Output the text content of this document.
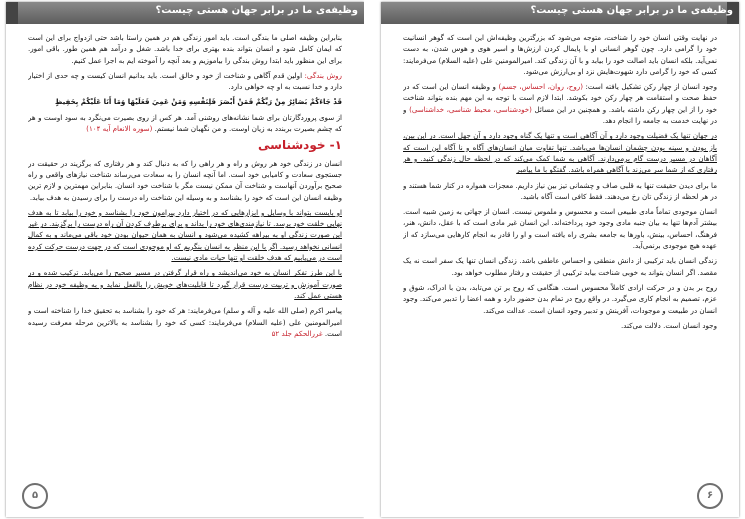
وظیفه‌ی ما در برابر جهان هستی چیست؟

بنابراین وظیفه اصلی ما بندگی است. باید امور زندگی هم در همین راستا باشد حتی ازدواج برای این است که ایمان کامل شود و انسان بتواند بنده بهتری برای خدا باشد. شغل و درآمد هم همین طور. باقی امور. برای این منظور باید ابتدا روش بندگی را بیاموزیم و بعد آنچه را آموخته ایم به اجرا عمل کنیم.

روش بندگی: اولین قدم آگاهی و شناخت از خود و خالق است. باید بدانیم انسان کیست و چه حدی از اختیار دارد و خدا نسبت به او چه خواهی دارد.

قَدْ جَاءَكُمْ بَصَائِرُ مِنْ رَبِّكُمْ فَمَنْ أَبْصَرَ فَلِنَفْسِهِ وَمَنْ عَمِيَ فَعَلَيْهَا وَمَا أَنَا عَلَيْكُمْ بِحَفِيظٍ

از سوی پروردگارتان برای شما نشانه‌های روشنی آمد. هر کس از روی بصیرت می‌نگرد به سود اوست و هر که چشم بصیرت بربندد به زیان اوست. و من نگهبان شما نیستم. (سوره الانعام آیه ۱۰۴)

۱- خودشناسی

انسان در زندگی خود هر روش و راه و هر راهی را که به دنبال کند و هر رفتاری که برگزیند در حقیقت در جستجوی سعادت و کامیابی خود است. اما آنچه انسان را به سعادت می‌رساند شناخت نیازهای واقعی و راه صحیح برآوردن آنهاست و شناخت آن ممکن نیست مگر با شناخت خود انسان. بنابراین مهمترین و لازم ترین وظیفه انسان این است که خود را بشناسد و به وسیله این شناخت راه درست را برای رسیدن به هدف بیابد.

او بایست بتواند با وسایل و ابزارهایی که در اختیار دارد پیرامون خود را بشناسد و خود را بیابد تا به هدف نهایی خلقت خود برسد. تا نیازمندی‌های خود را بداند و برای برطرف کردن آن راه درست را برگزیند. در غیر این صورت زندگی او به بیراهه کشیده می‌شود و انسان به همان حیوان بودن خود باقی می‌ماند و به کمال انسانی نخواهد رسید. اگر با این منظر به انسان بنگریم که او موجودی است که در جهت درست حرکت کرده است در می‌یابیم که هدف خلقت او تنها حیات مادی نیست.

با این طرز تفکر انسان به خود می‌اندیشد و راه قرار گرفتن در مسیر صحیح را می‌یابد. ترکیب شده و در صورت آموزش و تربیت درست قرار گیرد تا قابلیت‌های خویش را بالفعل نماید و به وظیفه خود در نظام هستی عمل کند.

پیامبر اکرم (صلی الله علیه و آله و سلم) می‌فرمایند: هر که خود را بشناسد به تحقیق خدا را شناخته است و امیرالمومنین علی (علیه السلام) می‌فرمایند: کسی که خود را بشناسد به بالاترین مرحله معرفت رسیده است. غررالحکم جلد ۵۲

۵
وظیفه‌ی ما در برابر جهان هستی چیست؟

در نهایت وقتی انسان خود را شناخت، متوجه می‌شود که بزرگترین وظیفه‌اش این است که گوهر انسانیت خود را گرامی دارد. چون گوهر انسانی او با پایمال کردن ارزش‌ها و اسیر هوی و هوس شدن، به دست نمی‌آید. بلکه انسان باید اصالت خود را بیابد و با آن زندگی کند. امیرالمومنین علی (علیه السلام) می‌فرمایند: کسی که خود را گرامی دارد شهوت‌هایش نزد او بی‌ارزش می‌شود.

وجود انسان از چهار رکن تشکیل یافته است: (روح، روان، احساس، جسم) و وظیفه انسان این است که در حفظ صحت و استقامت هر چهار رکن خود بکوشد. ابتدا لازم است با توجه به این مهم بنده بتواند شناخت خود را از این چهار رکن داشته باشد. و همچنین در این مسائل (خودشناسی، محیط شناسی، خداشناسی) و در نهایت خدمت به جامعه را انجام دهد.

در جهان تنها یک فضیلت وجود دارد و آن آگاهی است و تنها یک گناه وجود دارد و آن جهل است. در این بین، باز بودن و سینه بودن چشمان انسان‌ها می‌باشد. تنها تفاوت میان انسان‌های آگاه و نا آگاه این است که آگاهان در مسیر درست گام برمی‌دارند. آگاهی به شما کمک می‌کند که در لحظه حال زندگی کنید. و هر رفتاری که از شما سر می‌زند با آگاهی همراه باشد. گفتگو با ما پیامبر

ما برای دیدن حقیقت تنها به قلبی صاف و چشمانی تیز بین نیاز داریم. معجزات همواره در کنار شما هستند و در هر لحظه از زندگی تان رخ می‌دهند. فقط کافی است آگاه باشید.

انسان موجودی تماماً مادی طبیعی است و محسوس و ملموس نیست. انسان از جهاتی به زمین شبیه است. بیشتر آدم‌ها تنها به بیان جنبه مادی وجود خود پرداخته‌اند. این انسان غیر مادی است که با عقل، دانش، هنر، فرهنگ، احساس، بینش، باورها به جامعه بشری راه یافته است و او را قادر به انجام کارهایی می‌سازد که از عهده هیچ موجودی برنمی‌آید.

زندگی انسان باید ترکیبی از دانش منطقی و احساس عاطفی باشد. زندگی انسان تنها یک سفر است نه یک مقصد. اگر انسان بتواند به خوبی شناخت بیابد ترکیبی از حقیقت و رفتار مطلوب خواهد بود.

روح بر بدن و در حرکت ارادی کاملاً محسوس است. هنگامی که روح بر تن می‌تابد، بدن با ادراک، شوق و عزم، تصمیم به انجام کاری می‌گیرد. در واقع روح در تمام بدن حضور دارد و همه اعضا را تدبیر می‌کند. وجود انسان در طبیعت و موجودات، آفرینش و تدبیر وجود انسان است. عدالت می‌کند.

وجود انسان است. دلالت می‌کند.

۶
